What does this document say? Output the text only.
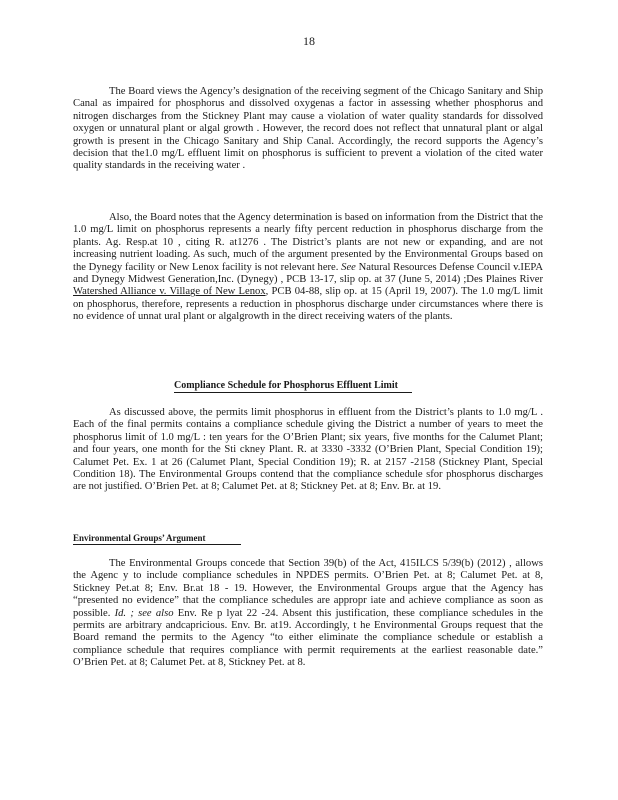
18

The Board views the Agency’s designation of the receiving segment of the Chicago Sanitary and Ship Canal as impaired for phosphorus and dissolved oxygenas a factor in assessing whether phosphorus and nitrogen discharges from the Stickney Plant may cause a violation of water quality standards for dissolved oxygen or unnatural plant or algal growth . However, the record does not reflect that unnatural plant or algal growth is present in the Chicago Sanitary and Ship Canal. Accordingly, the record supports the Agency’s decision that the1.0 mg/L effluent limit on phosphorus is sufficient to prevent a violation of the cited water quality standards in the receiving water .

Also, the Board notes that the Agency determination is based on information from the District that the 1.0 mg/L limit on phosphorus represents a nearly fifty percent reduction in phosphorus discharge from the plants. Ag. Resp.at 10 , citing R. at1276 . The District’s plants are not new or expanding, and are not increasing nutrient loading. As such, much of the argument presented by the Environmental Groups based on the Dynegy facility or New Lenox facility is not relevant here. See Natural Resources Defense Council v.IEPA and Dynegy Midwest Generation,Inc. (Dynegy) , PCB 13-17, slip op. at 37 (June 5, 2014) ;Des Plaines River Watershed Alliance v. Village of New Lenox, PCB 04-88, slip op. at 15 (April 19, 2007). The 1.0 mg/L limit on phosphorus, therefore, represents a reduction in phosphorus discharge under circumstances where there is no evidence of unnat ural plant or algalgrowth in the direct receiving waters of the plants.

Compliance Schedule for Phosphorus Effluent Limit

As discussed above, the permits limit phosphorus in effluent from the District’s plants to 1.0 mg/L . Each of the final permits contains a compliance schedule giving the District a number of years to meet the phosphorus limit of 1.0 mg/L : ten years for the O’Brien Plant; six years, five months for the Calumet Plant; and four years, one month for the Sti ckney Plant. R. at 3330 -3332 (O’Brien Plant, Special Condition 19); Calumet Pet. Ex. 1 at 26 (Calumet Plant, Special Condition 19); R. at 2157 -2158 (Stickney Plant, Special Condition 18). The Environmental Groups contend that the compliance schedule sfor phosphorus discharges are not justified. O’Brien Pet. at 8; Calumet Pet. at 8; Stickney Pet. at 8; Env. Br. at 19.

Environmental Groups’ Argument

The Environmental Groups concede that Section 39(b) of the Act, 415ILCS 5/39(b) (2012) , allows the Agenc y to include compliance schedules in NPDES permits. O’Brien Pet. at 8; Calumet Pet. at 8, Stickney Pet.at 8; Env. Br.at 18 - 19. However, the Environmental Groups argue that the Agency has “presented no evidence” that the compliance schedules are appropr iate and achieve compliance as soon as possible. Id. ; see also Env. Re p lyat 22 -24. Absent this justification, these compliance schedules in the permits are arbitrary andcapricious. Env. Br. at19. Accordingly, t he Environmental Groups request that the Board remand the permits to the Agency “to either eliminate the compliance schedule or establish a compliance schedule that requires compliance with permit requirements at the earliest reasonable date.” O’Brien Pet. at 8; Calumet Pet. at 8, Stickney Pet. at 8.
